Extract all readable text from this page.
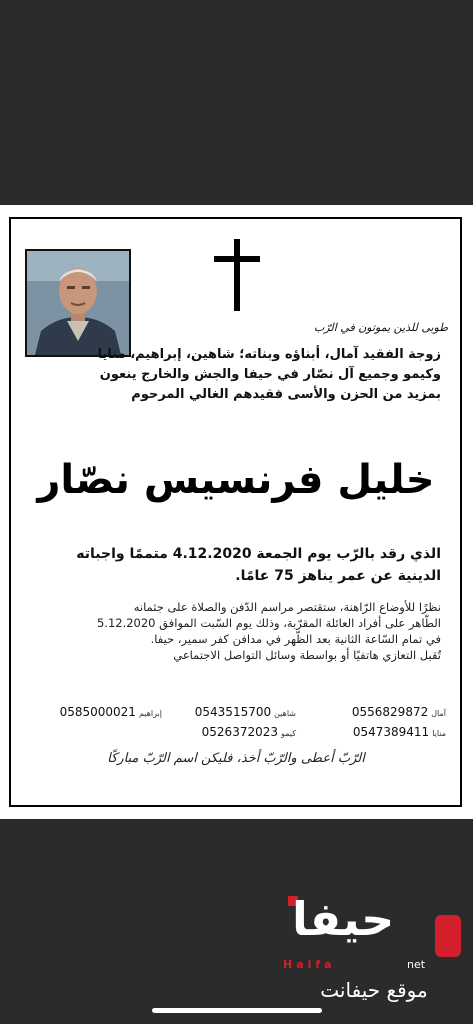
طوبى للذين يموتون في الرّب
زوجة الفقيد آمال، أبناؤه وبناته؛ شاهين، إبراهيم، منايا
وكيمو وجميع آل نصّار في حيفا والجش والخارج ينعون
بمزيد من الحزن والأسى فقيدهم الغالي المرحوم
خليل فرنسيس نصّار
الذي رقد بالرّب يوم الجمعة 4.12.2020 متممًا واجباته
الدينية عن عمر يناهز 75 عامًا.
نظرًا للأوضاع الرّاهنة، ستقتصر مراسم الدّفن والصلاة على جثمانه
الطّاهر على أفراد العائلة المقرّبة، وذلك يوم السّبت الموافق 5.12.2020
في تمام السّاعة الثانية بعد الظّهر في مدافن كفر سمير، حيفا.
تُقبل التعازي هاتفيًا أو بواسطة وسائل التواصل الاجتماعي
0556829872 آمال
0543515700 شاهين
0585000021 إبراهيم
0547389411 منايا
0526372023 كيمو
الرّبّ أعطى والرّبّ أخذ، فليكن اسم الرّبّ مباركًا
حيفا
Haifa	net
موقع حيفانت
